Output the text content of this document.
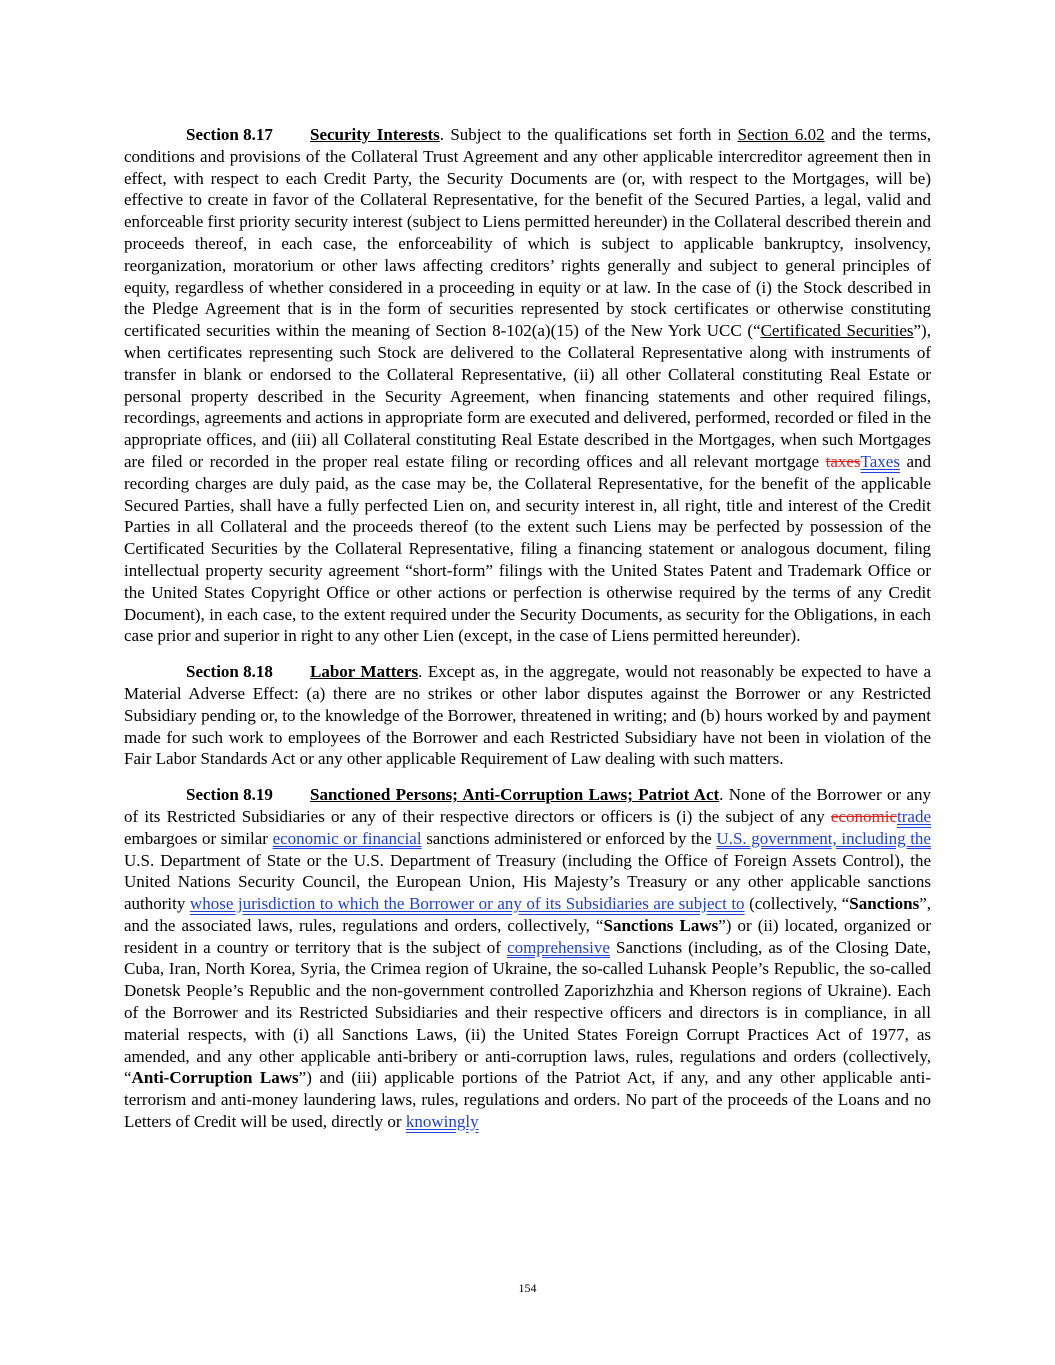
Section 8.17 Security Interests. Subject to the qualifications set forth in Section 6.02 and the terms, conditions and provisions of the Collateral Trust Agreement and any other applicable intercreditor agreement then in effect, with respect to each Credit Party, the Security Documents are (or, with respect to the Mortgages, will be) effective to create in favor of the Collateral Representative, for the benefit of the Secured Parties, a legal, valid and enforceable first priority security interest (subject to Liens permitted hereunder) in the Collateral described therein and proceeds thereof, in each case, the enforceability of which is subject to applicable bankruptcy, insolvency, reorganization, moratorium or other laws affecting creditors’ rights generally and subject to general principles of equity, regardless of whether considered in a proceeding in equity or at law. In the case of (i) the Stock described in the Pledge Agreement that is in the form of securities represented by stock certificates or otherwise constituting certificated securities within the meaning of Section 8-102(a)(15) of the New York UCC (“Certificated Securities”), when certificates representing such Stock are delivered to the Collateral Representative along with instruments of transfer in blank or endorsed to the Collateral Representative, (ii) all other Collateral constituting Real Estate or personal property described in the Security Agreement, when financing statements and other required filings, recordings, agreements and actions in appropriate form are executed and delivered, performed, recorded or filed in the appropriate offices, and (iii) all Collateral constituting Real Estate described in the Mortgages, when such Mortgages are filed or recorded in the proper real estate filing or recording offices and all relevant mortgage taxesTaxes and recording charges are duly paid, as the case may be, the Collateral Representative, for the benefit of the applicable Secured Parties, shall have a fully perfected Lien on, and security interest in, all right, title and interest of the Credit Parties in all Collateral and the proceeds thereof (to the extent such Liens may be perfected by possession of the Certificated Securities by the Collateral Representative, filing a financing statement or analogous document, filing intellectual property security agreement “short-form” filings with the United States Patent and Trademark Office or the United States Copyright Office or other actions or perfection is otherwise required by the terms of any Credit Document), in each case, to the extent required under the Security Documents, as security for the Obligations, in each case prior and superior in right to any other Lien (except, in the case of Liens permitted hereunder).

Section 8.18 Labor Matters. Except as, in the aggregate, would not reasonably be expected to have a Material Adverse Effect: (a) there are no strikes or other labor disputes against the Borrower or any Restricted Subsidiary pending or, to the knowledge of the Borrower, threatened in writing; and (b) hours worked by and payment made for such work to employees of the Borrower and each Restricted Subsidiary have not been in violation of the Fair Labor Standards Act or any other applicable Requirement of Law dealing with such matters.

Section 8.19 Sanctioned Persons; Anti-Corruption Laws; Patriot Act. None of the Borrower or any of its Restricted Subsidiaries or any of their respective directors or officers is (i) the subject of any economictrade embargoes or similar economic or financial sanctions administered or enforced by the U.S. government, including the U.S. Department of State or the U.S. Department of Treasury (including the Office of Foreign Assets Control), the United Nations Security Council, the European Union, His Majesty’s Treasury or any other applicable sanctions authority whose jurisdiction to which the Borrower or any of its Subsidiaries are subject to (collectively, “Sanctions”, and the associated laws, rules, regulations and orders, collectively, “Sanctions Laws”) or (ii) located, organized or resident in a country or territory that is the subject of comprehensive Sanctions (including, as of the Closing Date, Cuba, Iran, North Korea, Syria, the Crimea region of Ukraine, the so-called Luhansk People’s Republic, the so-called Donetsk People’s Republic and the non-government controlled Zaporizhzhia and Kherson regions of Ukraine). Each of the Borrower and its Restricted Subsidiaries and their respective officers and directors is in compliance, in all material respects, with (i) all Sanctions Laws, (ii) the United States Foreign Corrupt Practices Act of 1977, as amended, and any other applicable anti-bribery or anti-corruption laws, rules, regulations and orders (collectively, “Anti-Corruption Laws”) and (iii) applicable portions of the Patriot Act, if any, and any other applicable anti-terrorism and anti-money laundering laws, rules, regulations and orders. No part of the proceeds of the Loans and no Letters of Credit will be used, directly or knowingly

154
